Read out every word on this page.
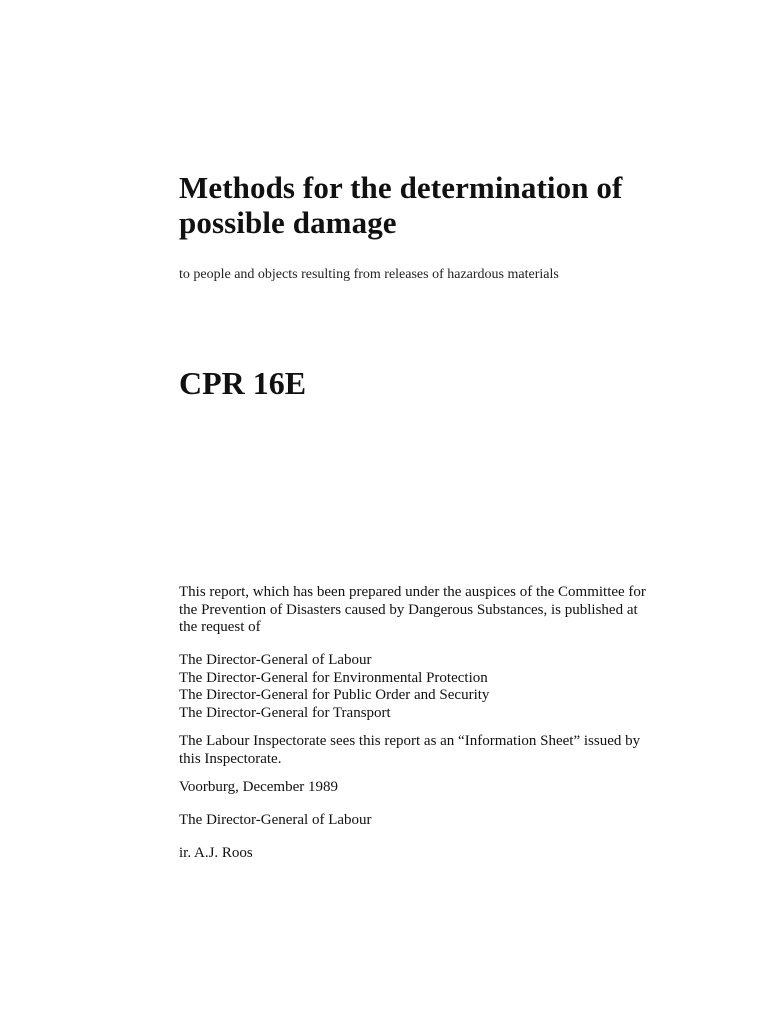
Methods for the determination of
possible damage

to people and objects resulting from releases of hazardous materials

CPR 16E

This report, which has been prepared under the auspices of the Committee for
the Prevention of Disasters caused by Dangerous Substances, is published at
the request of

The Director-General of Labour
The Director-General for Environmental Protection
The Director-General for Public Order and Security
The Director-General for Transport

The Labour Inspectorate sees this report as an “Information Sheet” issued by
this Inspectorate.

Voorburg, December 1989

The Director-General of Labour

ir. A.J. Roos
